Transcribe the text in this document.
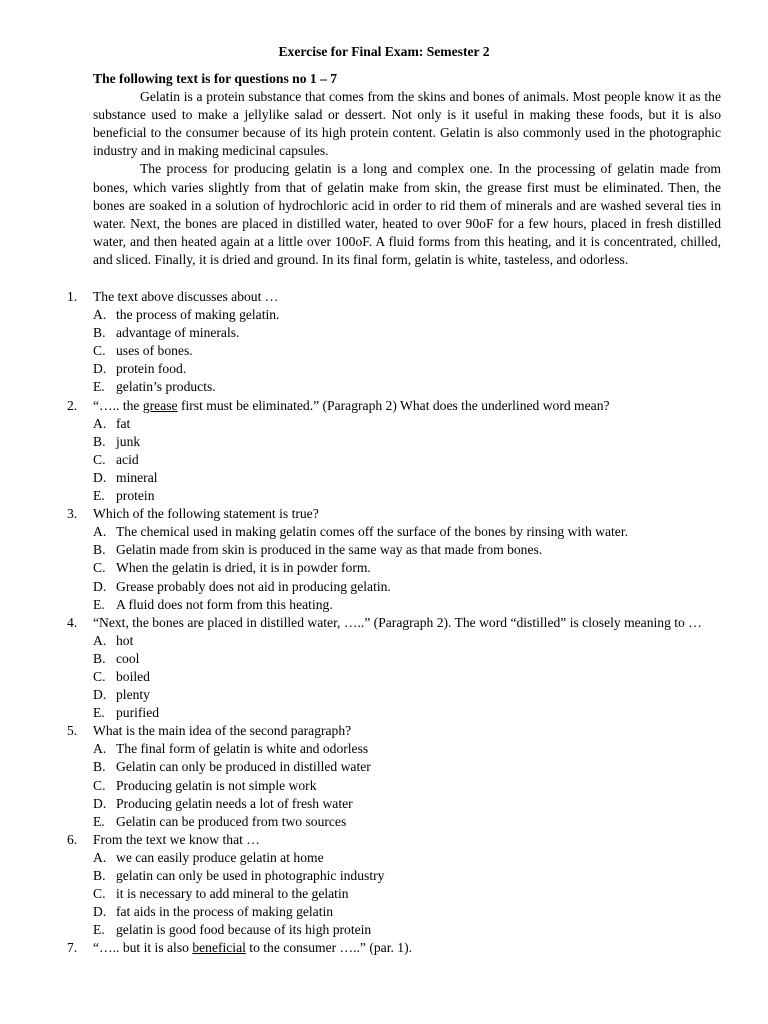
Exercise for Final Exam: Semester 2
The following text is for questions no 1 – 7
Gelatin is a protein substance that comes from the skins and bones of animals. Most people know it as the substance used to make a jellylike salad or dessert. Not only is it useful in making these foods, but it is also beneficial to the consumer because of its high protein content. Gelatin is also commonly used in the photographic industry and in making medicinal capsules.
The process for producing gelatin is a long and complex one. In the processing of gelatin made from bones, which varies slightly from that of gelatin make from skin, the grease first must be eliminated. Then, the bones are soaked in a solution of hydrochloric acid in order to rid them of minerals and are washed several ties in water. Next, the bones are placed in distilled water, heated to over 90oF for a few hours, placed in fresh distilled water, and then heated again at a little over 100oF. A fluid forms from this heating, and it is concentrated, chilled, and sliced. Finally, it is dried and ground. In its final form, gelatin is white, tasteless, and odorless.
1. The text above discusses about …
A. the process of making gelatin.
B. advantage of minerals.
C. uses of bones.
D. protein food.
E. gelatin’s products.
2. “….. the grease first must be eliminated.” (Paragraph 2) What does the underlined word mean?
A. fat
B. junk
C. acid
D. mineral
E. protein
3. Which of the following statement is true?
A. The chemical used in making gelatin comes off the surface of the bones by rinsing with water.
B. Gelatin made from skin is produced in the same way as that made from bones.
C. When the gelatin is dried, it is in powder form.
D. Grease probably does not aid in producing gelatin.
E. A fluid does not form from this heating.
4. “Next, the bones are placed in distilled water, …..” (Paragraph 2). The word “distilled” is closely meaning to …
A. hot
B. cool
C. boiled
D. plenty
E. purified
5. What is the main idea of the second paragraph?
A. The final form of gelatin is white and odorless
B. Gelatin can only be produced in distilled water
C. Producing gelatin is not simple work
D. Producing gelatin needs a lot of fresh water
E. Gelatin can be produced from two sources
6. From the text we know that …
A. we can easily produce gelatin at home
B. gelatin can only be used in photographic industry
C. it is necessary to add mineral to the gelatin
D. fat aids in the process of making gelatin
E. gelatin is good food because of its high protein
7. “….. but it is also beneficial to the consumer …..” (par. 1).
